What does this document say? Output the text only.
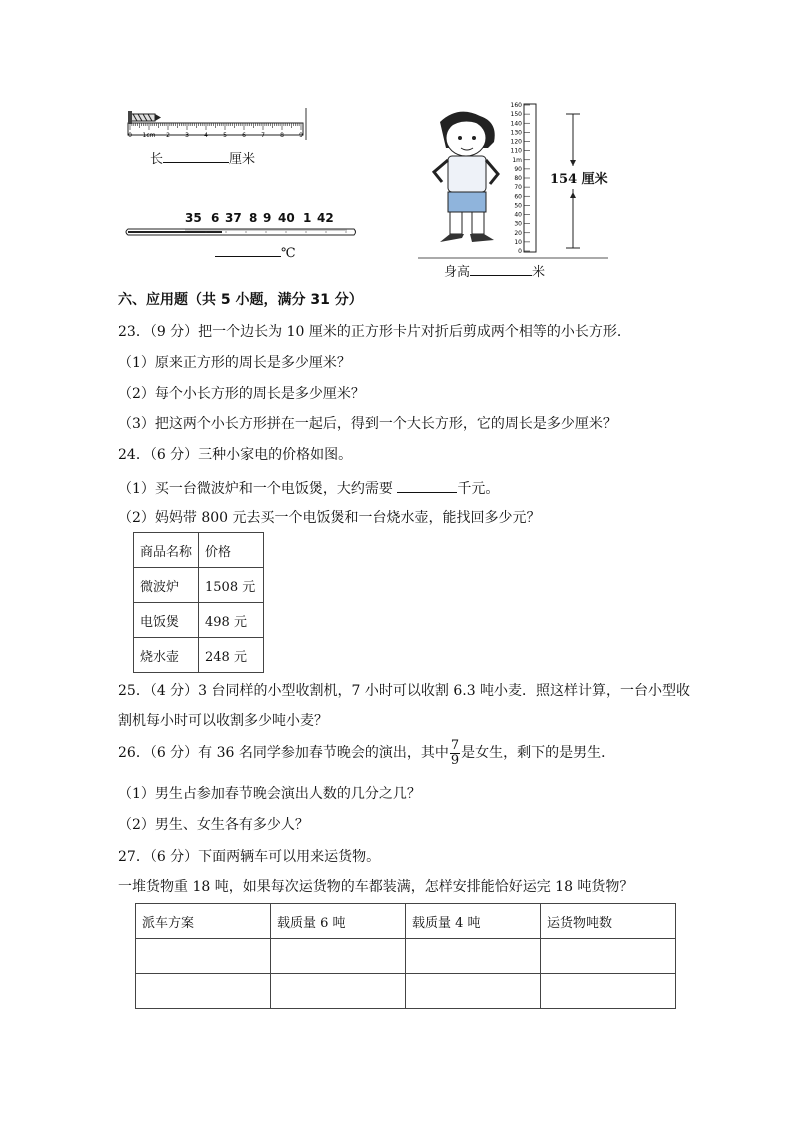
0 1cm 2	3	4	5	6	7	8	9
长	厘米
35 6 37 8 9 40 1 42
℃
160
150
140
130
120
110
1m
90
80
70
60
50
40
30
20
10
0
154 厘米
身高	米
六、应用题（共 5 小题，满分 31 分）
23．（9 分）把一个边长为 10 厘米的正方形卡片对折后剪成两个相等的小长方形．
（1）原来正方形的周长是多少厘米？
（2）每个小长方形的周长是多少厘米？
（3）把这两个小长方形拼在一起后，得到一个大长方形，它的周长是多少厘米？
24．（6 分）三种小家电的价格如图。
（1）买一台微波炉和一个电饭煲，大约需要	千元。
（2）妈妈带 800 元去买一个电饭煲和一台烧水壶，能找回多少元？
商品名称	价格
微波炉	1508 元
电饭煲	498 元
烧水壶	248 元
25．（4 分）3 台同样的小型收割机，7 小时可以收割 6.3 吨小麦．照这样计算，一台小型收
割机每小时可以收割多少吨小麦？
26．（6 分）有 36 名同学参加春节晚会的演出，其中 $\frac{7}{9}$ 是女生，剩下的是男生．
（1）男生占参加春节晚会演出人数的几分之几？
（2）男生、女生各有多少人？
27．（6 分）下面两辆车可以用来运货物。
一堆货物重 18 吨，如果每次运货物的车都装满，怎样安排能恰好运完 18 吨货物？
派车方案	载质量 6 吨	载质量 4 吨	运货物吨数
